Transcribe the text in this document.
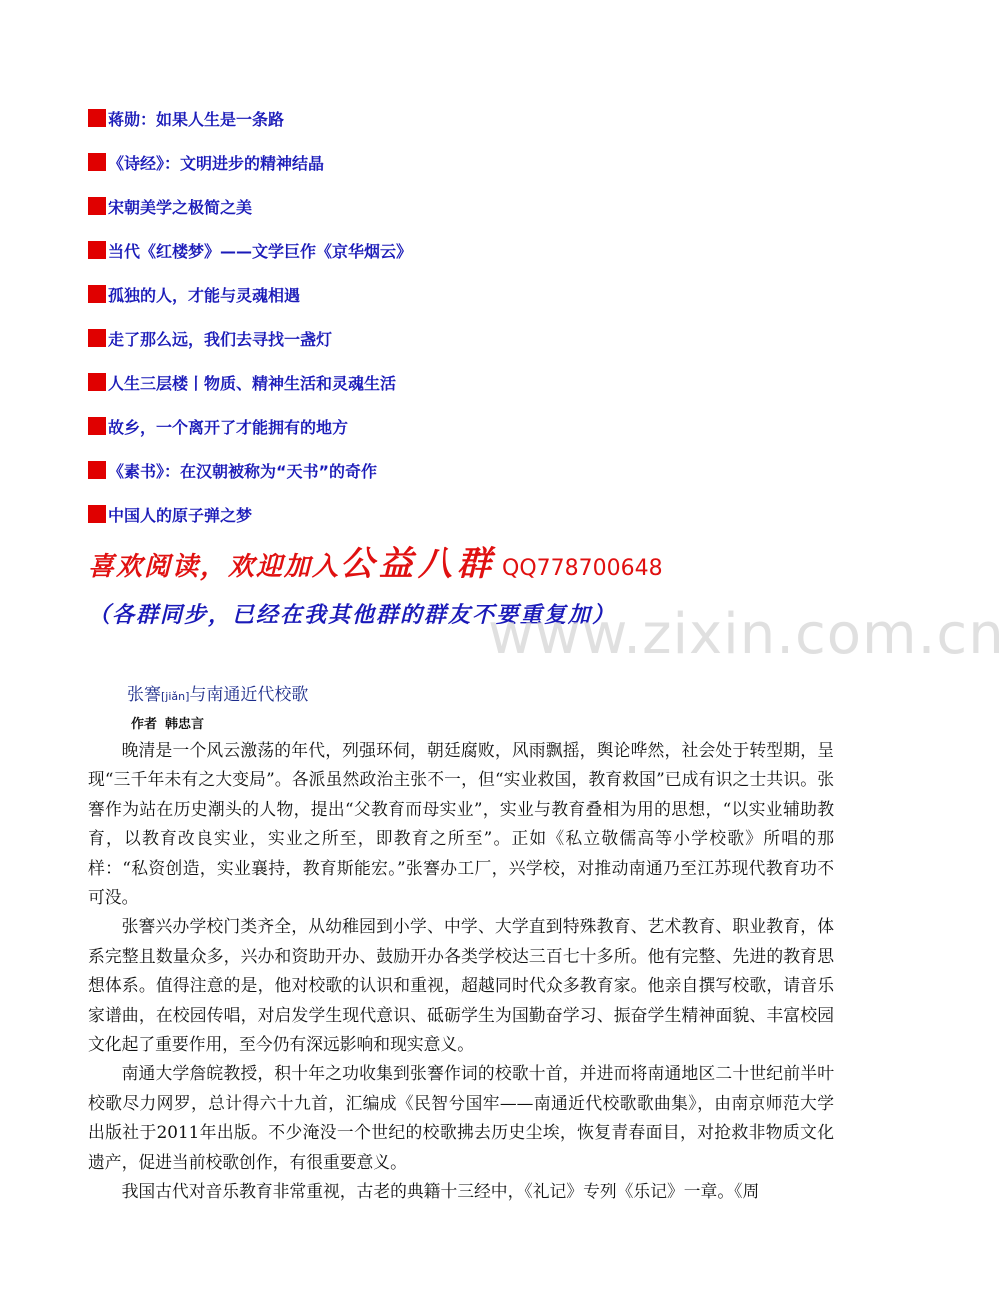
蒋勋：如果人生是一条路
《诗经》：文明进步的精神结晶
宋朝美学之极简之美
当代《红楼梦》——文学巨作《京华烟云》
孤独的人，才能与灵魂相遇
走了那么远，我们去寻找一盏灯
人生三层楼丨物质、精神生活和灵魂生活
故乡，一个离开了才能拥有的地方
《素书》：在汉朝被称为“天书”的奇作
中国人的原子弹之梦
喜欢阅读，欢迎加入公益八群 QQ778700648
（各群同步，已经在我其他群的群友不要重复加）
www.zixin.com.cn
张謇[jiǎn]与南通近代校歌
作者 韩忠言

晚清是一个风云激荡的年代，列强环伺，朝廷腐败，风雨飘摇，舆论哗然，社会处于转型期，呈现“三千年未有之大变局”。各派虽然政治主张不一，但“实业救国，教育救国”已成有识之士共识。张謇作为站在历史潮头的人物，提出“父教育而母实业”，实业与教育叠相为用的思想，“以实业辅助教育，以教育改良实业，实业之所至，即教育之所至”。正如《私立敬儒高等小学校歌》所唱的那样：“私资创造，实业襄持，教育斯能宏。”张謇办工厂，兴学校，对推动南通乃至江苏现代教育功不可没。

张謇兴办学校门类齐全，从幼稚园到小学、中学、大学直到特殊教育、艺术教育、职业教育，体系完整且数量众多，兴办和资助开办、鼓励开办各类学校达三百七十多所。他有完整、先进的教育思想体系。值得注意的是，他对校歌的认识和重视，超越同时代众多教育家。他亲自撰写校歌，请音乐家谱曲，在校园传唱，对启发学生现代意识、砥砺学生为国勤奋学习、振奋学生精神面貌、丰富校园文化起了重要作用，至今仍有深远影响和现实意义。

南通大学詹皖教授，积十年之功收集到张謇作词的校歌十首，并进而将南通地区二十世纪前半叶校歌尽力网罗，总计得六十九首，汇编成《民智兮国牢——南通近代校歌歌曲集》，由南京师范大学出版社于2011年出版。不少淹没一个世纪的校歌拂去历史尘埃，恢复青春面目，对抢救非物质文化遗产，促进当前校歌创作，有很重要意义。

我国古代对音乐教育非常重视，古老的典籍十三经中，《礼记》专列《乐记》一章。《周
